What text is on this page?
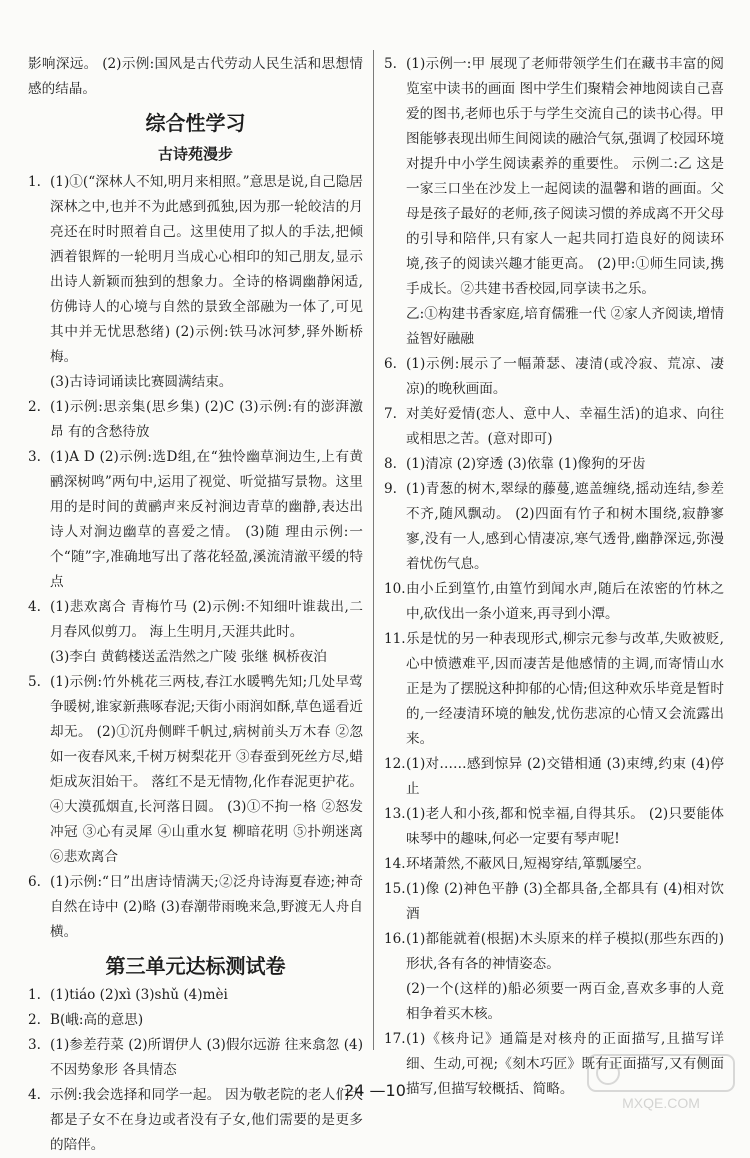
影响深远。 (2)示例:国风是古代劳动人民生活和思想情感的结晶。

综合性学习
古诗苑漫步
1. (1)①(“深林人不知,明月来相照。”意思是说,自己隐居深林之中,也并不为此感到孤独,因为那一轮皎洁的月亮还在时时照着自己。这里使用了拟人的手法,把倾洒着银辉的一轮明月当成心心相印的知己朋友,显示出诗人新颖而独到的想象力。全诗的格调幽静闲适,仿佛诗人的心境与自然的景致全部融为一体了,可见其中并无忧思愁绪) (2)示例:铁马冰河梦,驿外断桥梅。
(3)古诗词诵读比赛圆满结束。
2. (1)示例:思亲集(思乡集) (2)C (3)示例:有的澎湃激昂 有的含愁待放
3. (1)A D (2)示例:选D组,在“独怜幽草涧边生,上有黄鹂深树鸣”两句中,运用了视觉、听觉描写景物。这里用的是时间的黄鹂声来反衬涧边青草的幽静,表达出诗人对涧边幽草的喜爱之情。 (3)随 理由示例:一个“随”字,准确地写出了落花轻盈,溪流清澈平缓的特点
4. (1)悲欢离合 青梅竹马 (2)示例:不知细叶谁裁出,二月春风似剪刀。 海上生明月,天涯共此时。
(3)李白 黄鹤楼送孟浩然之广陵 张继 枫桥夜泊
5. (1)示例:竹外桃花三两枝,春江水暖鸭先知;几处早莺争暖树,谁家新燕啄春泥;天街小雨润如酥,草色遥看近却无。 (2)①沉舟侧畔千帆过,病树前头万木春 ②忽如一夜春风来,千树万树梨花开 ③春蚕到死丝方尽,蜡炬成灰泪始干。 落红不是无情物,化作春泥更护花。 ④大漠孤烟直,长河落日圆。 (3)①不拘一格 ②怒发冲冠 ③心有灵犀 ④山重水复 柳暗花明 ⑤扑朔迷离 ⑥悲欢离合
6. (1)示例:“日”出唐诗情满天;②泛舟诗海夏春迹;神奇自然在诗中 (2)略 (3)春潮带雨晚来急,野渡无人舟自横。
第三单元达标测试卷
1. (1)tiáo (2)xì (3)shǔ (4)mèi
2. B(峨:高的意思)
3. (1)参差荇菜 (2)所谓伊人 (3)假尔远游 往来翕忽 (4)不因势象形 各具情态
4. 示例:我会选择和同学一起。 因为敬老院的老人们大都是子女不在身边或者没有子女,他们需要的是更多的陪伴。
5. (1)示例一:甲 展现了老师带领学生们在藏书丰富的阅览室中读书的画面 图中学生们聚精会神地阅读自己喜爱的图书,老师也乐于与学生交流自己的读书心得。甲图能够表现出师生间阅读的融洽气氛,强调了校园环境对提升中小学生阅读素养的重要性。 示例二:乙 这是一家三口坐在沙发上一起阅读的温馨和谐的画面。父母是孩子最好的老师,孩子阅读习惯的养成离不开父母的引导和陪伴,只有家人一起共同打造良好的阅读环境,孩子的阅读兴趣才能更高。 (2)甲:①师生同读,携手成长。②共建书香校园,同享读书之乐。
乙:①构建书香家庭,培育儒雅一代 ②家人齐阅读,增情益智好融融
6. (1)示例:展示了一幅萧瑟、凄清(或冷寂、荒凉、凄凉)的晚秋画面。
7. 对美好爱情(恋人、意中人、幸福生活)的追求、向往或相思之苦。(意对即可)
8. (1)清凉 (2)穿透 (3)依靠 (1)像狗的牙齿
9. (1)青葱的树木,翠绿的藤蔓,遮盖缠绕,摇动连结,参差不齐,随风飘动。 (2)四面有竹子和树木围绕,寂静寥寥,没有一人,感到心情凄凉,寒气透骨,幽静深远,弥漫着忧伤气息。
10. 由小丘到篁竹,由篁竹到闻水声,随后在浓密的竹林之中,砍伐出一条小道来,再寻到小潭。
11. 乐是忧的另一种表现形式,柳宗元参与改革,失败被贬,心中愤懑难平,因而凄苦是他感情的主调,而寄情山水正是为了摆脱这种抑郁的心情;但这种欢乐毕竟是暂时的,一经凄清环境的触发,忧伤悲凉的心情又会流露出来。
12. (1)对……感到惊异 (2)交错相通 (3)束缚,约束 (4)停止
13. (1)老人和小孩,都和悦幸福,自得其乐。 (2)只要能体味琴中的趣味,何必一定要有琴声呢!
14. 环堵萧然,不蔽风日,短褐穿结,箪瓢屡空。
15. (1)像 (2)神色平静 (3)全都具备,全都具有 (4)相对饮酒
16. (1)都能就着(根据)木头原来的样子模拟(那些东西的)形状,各有各的神情姿态。
(2)一个(这样的)船必须要一两百金,喜欢多事的人竟相争着买木核。
17. (1)《核舟记》通篇是对核舟的正面描写,且描写详细、生动,可视;《刻木巧匠》既有正面描写,又有侧面描写,但描写较概括、简略。
24 —10
MXQE.COM
